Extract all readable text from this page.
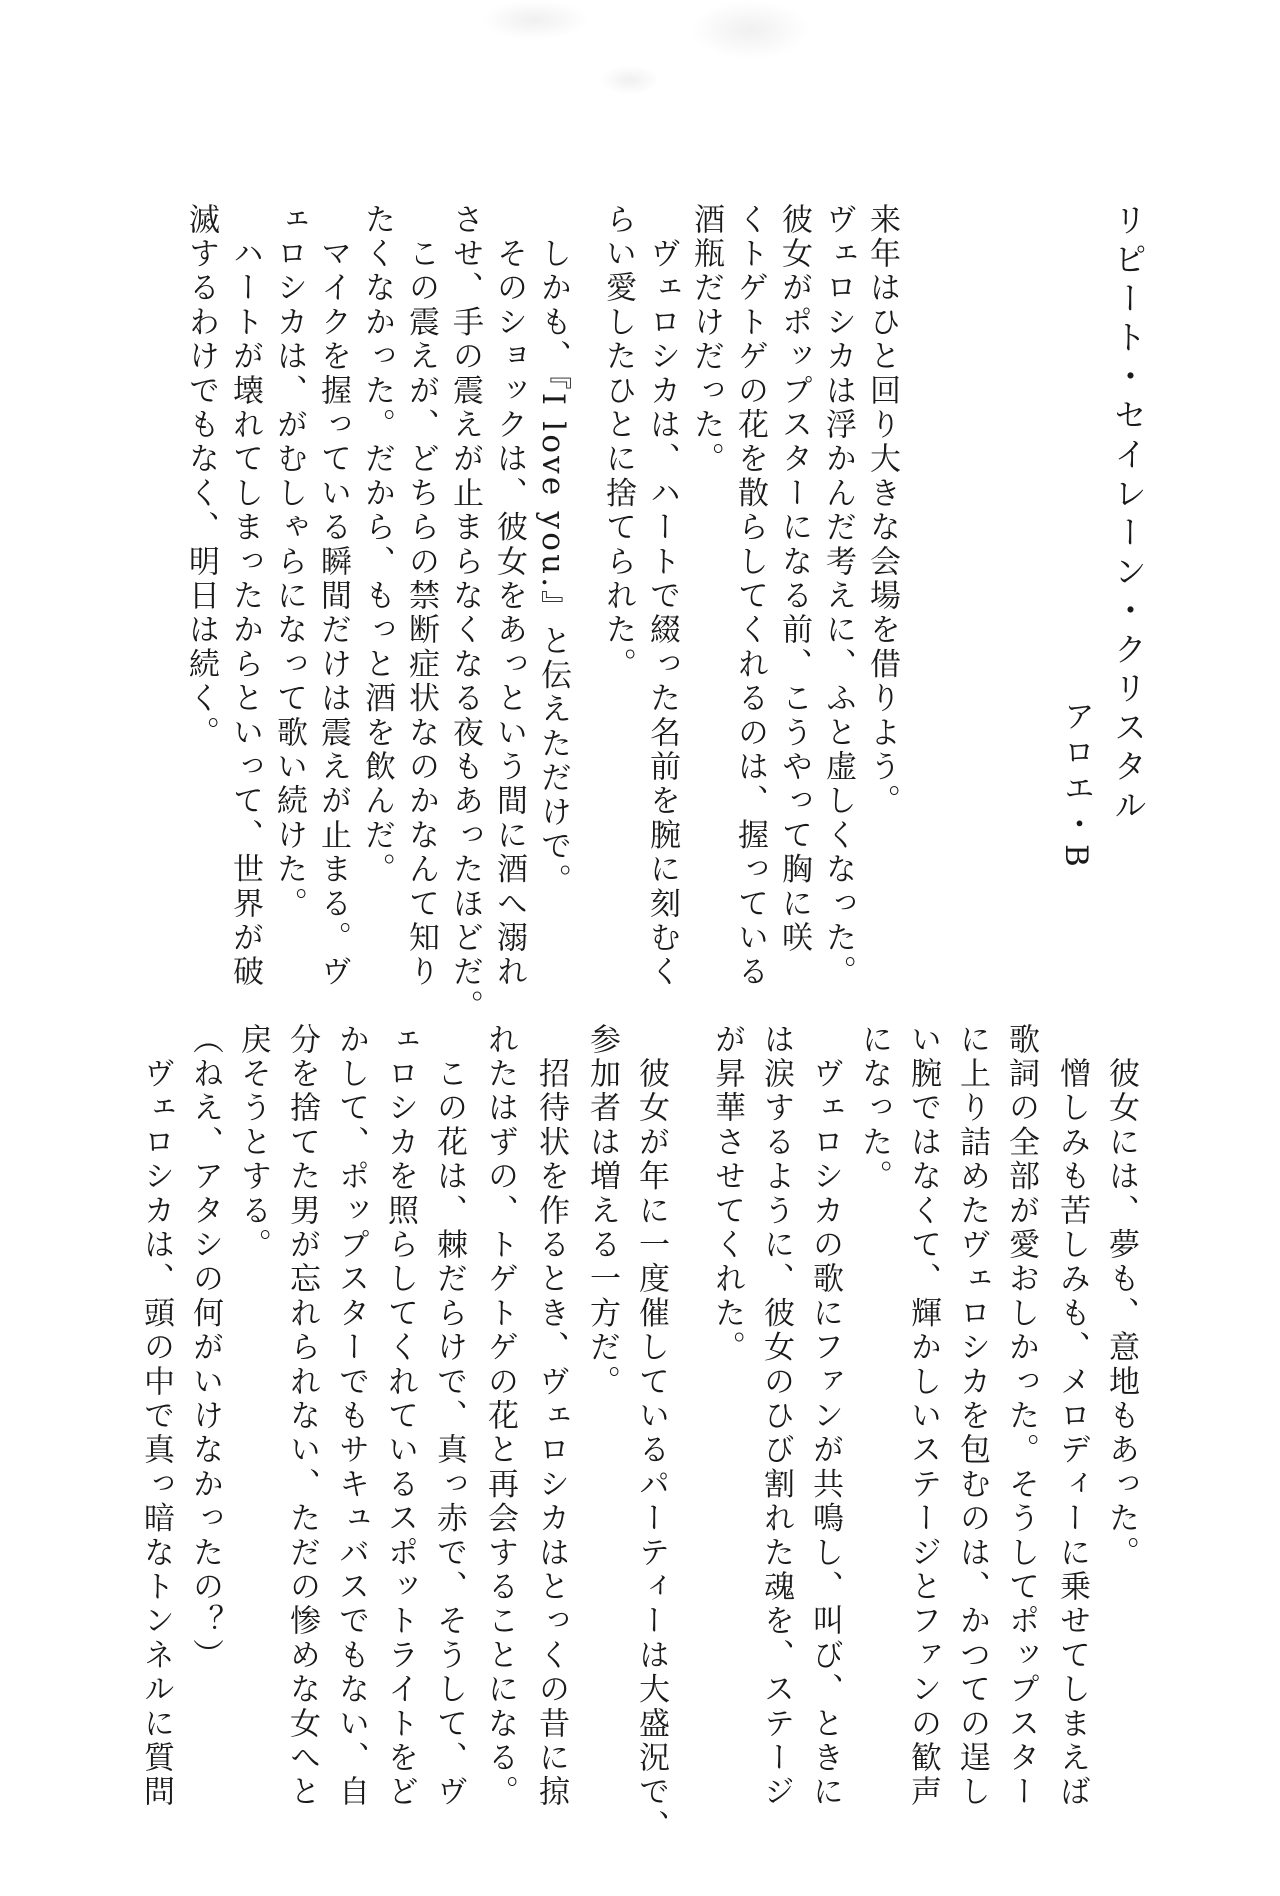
リピート・セイレーン・クリスタル
アロエ・B
来年はひと回り大きな会場を借りよう。
ヴェロシカは浮かんだ考えに、ふと虚しくなった。
彼女がポップスターになる前、こうやって胸に咲
くトゲトゲの花を散らしてくれるのは、握っている
酒瓶だけだった。
　ヴェロシカは、ハートで綴った名前を腕に刻むく
らい愛したひとに捨てられた。
　しかも、『I love you.』と伝えただけで。
　そのショックは、彼女をあっという間に酒へ溺れ
させ、手の震えが止まらなくなる夜もあったほどだ。
　この震えが、どちらの禁断症状なのかなんて知り
たくなかった。だから、もっと酒を飲んだ。
　マイクを握っている瞬間だけは震えが止まる。ヴ
ェロシカは、がむしゃらになって歌い続けた。
　ハートが壊れてしまったからといって、世界が破
滅するわけでもなく、明日は続く。
　彼女には、夢も、意地もあった。
　憎しみも苦しみも、メロディーに乗せてしまえば
歌詞の全部が愛おしかった。そうしてポップスター
に上り詰めたヴェロシカを包むのは、かつての逞し
い腕ではなくて、輝かしいステージとファンの歓声
になった。
　ヴェロシカの歌にファンが共鳴し、叫び、ときに
は涙するように、彼女のひび割れた魂を、ステージ
が昇華させてくれた。
　彼女が年に一度催しているパーティーは大盛況で、
参加者は増える一方だ。
　招待状を作るとき、ヴェロシカはとっくの昔に掠
れたはずの、トゲトゲの花と再会することになる。
　この花は、棘だらけで、真っ赤で、そうして、ヴ
ェロシカを照らしてくれているスポットライトをど
かして、ポップスターでもサキュバスでもない、自
分を捨てた男が忘れられない、ただの惨めな女へと
戻そうとする。
（ねえ、アタシの何がいけなかったの？）
　ヴェロシカは、頭の中で真っ暗なトンネルに質問
